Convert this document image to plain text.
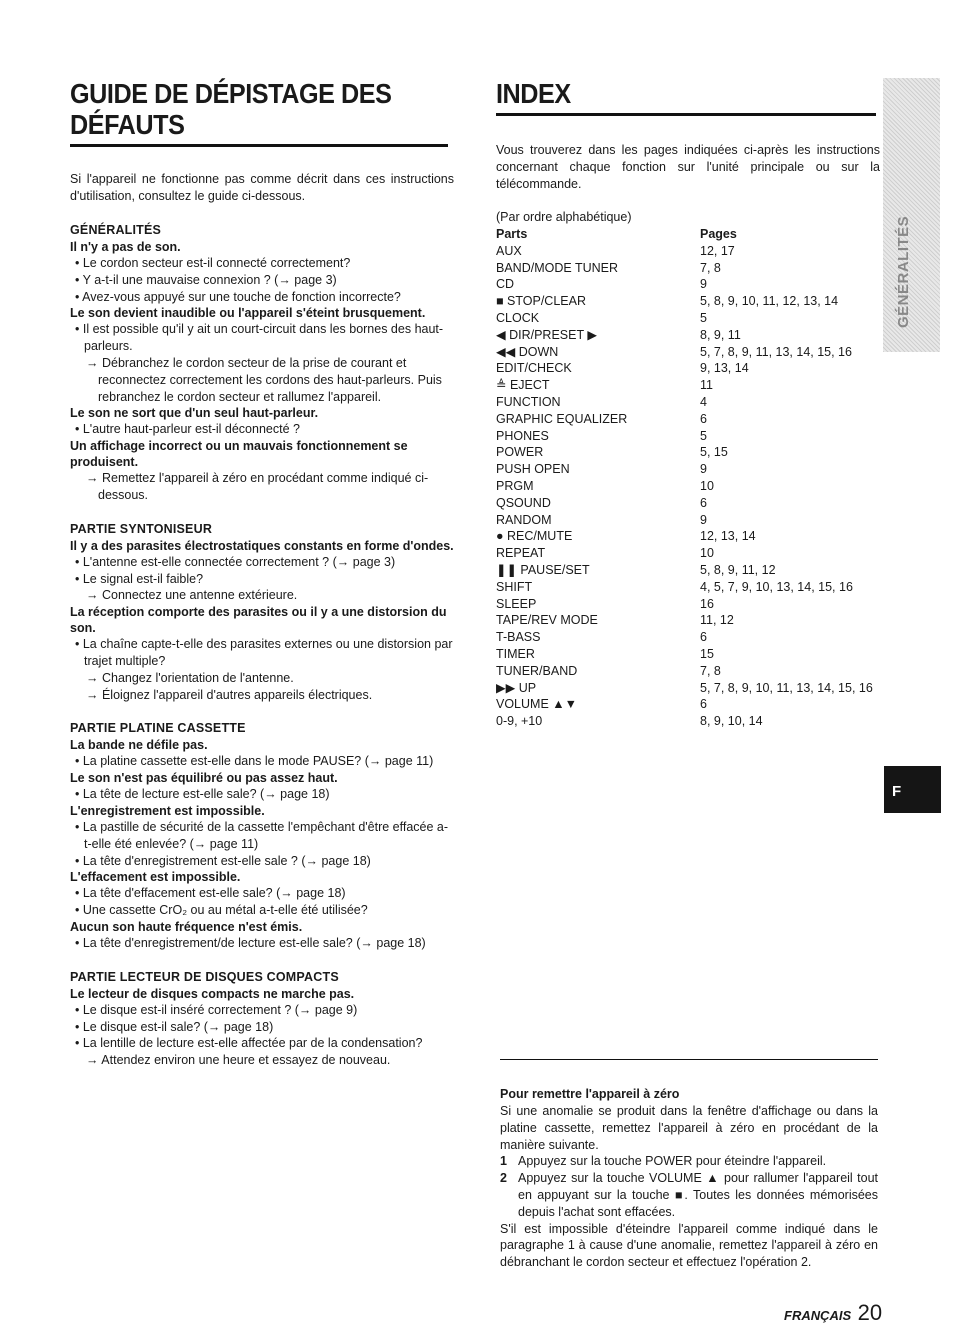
GUIDE DE DÉPISTAGE DES DÉFAUTS

Si l'appareil ne fonctionne pas comme décrit dans ces instructions d'utilisation, consultez le guide ci-dessous.

GÉNÉRALITÉS
Il n'y a pas de son.
• Le cordon secteur est-il connecté correctement?
• Y a-t-il une mauvaise connexion ? (→ page 3)
• Avez-vous appuyé sur une touche de fonction incorrecte?
Le son devient inaudible ou l'appareil s'éteint brusquement.
• Il est possible qu'il y ait un court-circuit dans les bornes des haut-parleurs.
→ Débranchez le cordon secteur de la prise de courant et reconnectez correctement les cordons des haut-parleurs. Puis rebranchez le cordon secteur et rallumez l'appareil.
Le son ne sort que d'un seul haut-parleur.
• L'autre haut-parleur est-il déconnecté ?
Un affichage incorrect ou un mauvais fonctionnement se produisent.
→ Remettez l'appareil à zéro en procédant comme indiqué ci-dessous.
PARTIE SYNTONISEUR
Il y a des parasites électrostatiques constants en forme d'ondes.
• L'antenne est-elle connectée correctement ? (→ page 3)
• Le signal est-il faible?
→ Connectez une antenne extérieure.
La réception comporte des parasites ou il y a une distorsion du son.
• La chaîne capte-t-elle des parasites externes ou une distorsion par trajet multiple?
→ Changez l'orientation de l'antenne.
→ Éloignez l'appareil d'autres appareils électriques.
PARTIE PLATINE CASSETTE
La bande ne défile pas.
• La platine cassette est-elle dans le mode PAUSE? (→ page 11)
Le son n'est pas équilibré ou pas assez haut.
• La tête de lecture est-elle sale? (→ page 18)
L'enregistrement est impossible.
• La pastille de sécurité de la cassette l'empêchant d'être effacée a-t-elle été enlevée? (→ page 11)
• La tête d'enregistrement est-elle sale ? (→ page 18)
L'effacement est impossible.
• La tête d'effacement est-elle sale? (→ page 18)
• Une cassette CrO₂ ou au métal a-t-elle été utilisée?
Aucun son haute fréquence n'est émis.
• La tête d'enregistrement/de lecture est-elle sale? (→ page 18)
PARTIE LECTEUR DE DISQUES COMPACTS
Le lecteur de disques compacts ne marche pas.
• Le disque est-il inséré correctement ? (→ page 9)
• Le disque est-il sale? (→ page 18)
• La lentille de lecture est-elle affectée par de la condensation?
→ Attendez environ une heure et essayez de nouveau.
INDEX

Vous trouverez dans les pages indiquées ci-après les instructions concernant chaque fonction sur l'unité principale ou sur la télécommande.

(Par ordre alphabétique)

Parts	Pages
AUX	12, 17
BAND/MODE TUNER	7, 8
CD	9
■ STOP/CLEAR	5, 8, 9, 10, 11, 12, 13, 14
CLOCK	5
◀ DIR/PRESET ▶	8, 9, 11
◀◀ DOWN	5, 7, 8, 9, 11, 13, 14, 15, 16
EDIT/CHECK	9, 13, 14
≜ EJECT	11
FUNCTION	4
GRAPHIC EQUALIZER	6
PHONES	5
POWER	5, 15
PUSH OPEN	9
PRGM	10
QSOUND	6
RANDOM	9
● REC/MUTE	12, 13, 14
REPEAT	10
❚❚ PAUSE/SET	5, 8, 9, 11, 12
SHIFT	4, 5, 7, 9, 10, 13, 14, 15, 16
SLEEP	16
TAPE/REV MODE	11, 12
T-BASS	6
TIMER	15
TUNER/BAND	7, 8
▶▶ UP	5, 7, 8, 9, 10, 11, 13, 14, 15, 16
VOLUME ▲▼	6
0-9, +10	8, 9, 10, 14
GÉNÉRALITÉS
F

Pour remettre l'appareil à zéro

Si une anomalie se produit dans la fenêtre d'affichage ou dans la platine cassette, remettez l'appareil à zéro en procédant de la manière suivante.

1 Appuyez sur la touche POWER pour éteindre l'appareil.
2 Appuyez sur la touche VOLUME ▲ pour rallumer l'appareil tout en appuyant sur la touche ■. Toutes les données mémorisées depuis l'achat sont effacées.

S'il est impossible d'éteindre l'appareil comme indiqué dans le paragraphe 1 à cause d'une anomalie, remettez l'appareil à zéro en débranchant le cordon secteur et effectuez l'opération 2.

FRANÇAIS 20
